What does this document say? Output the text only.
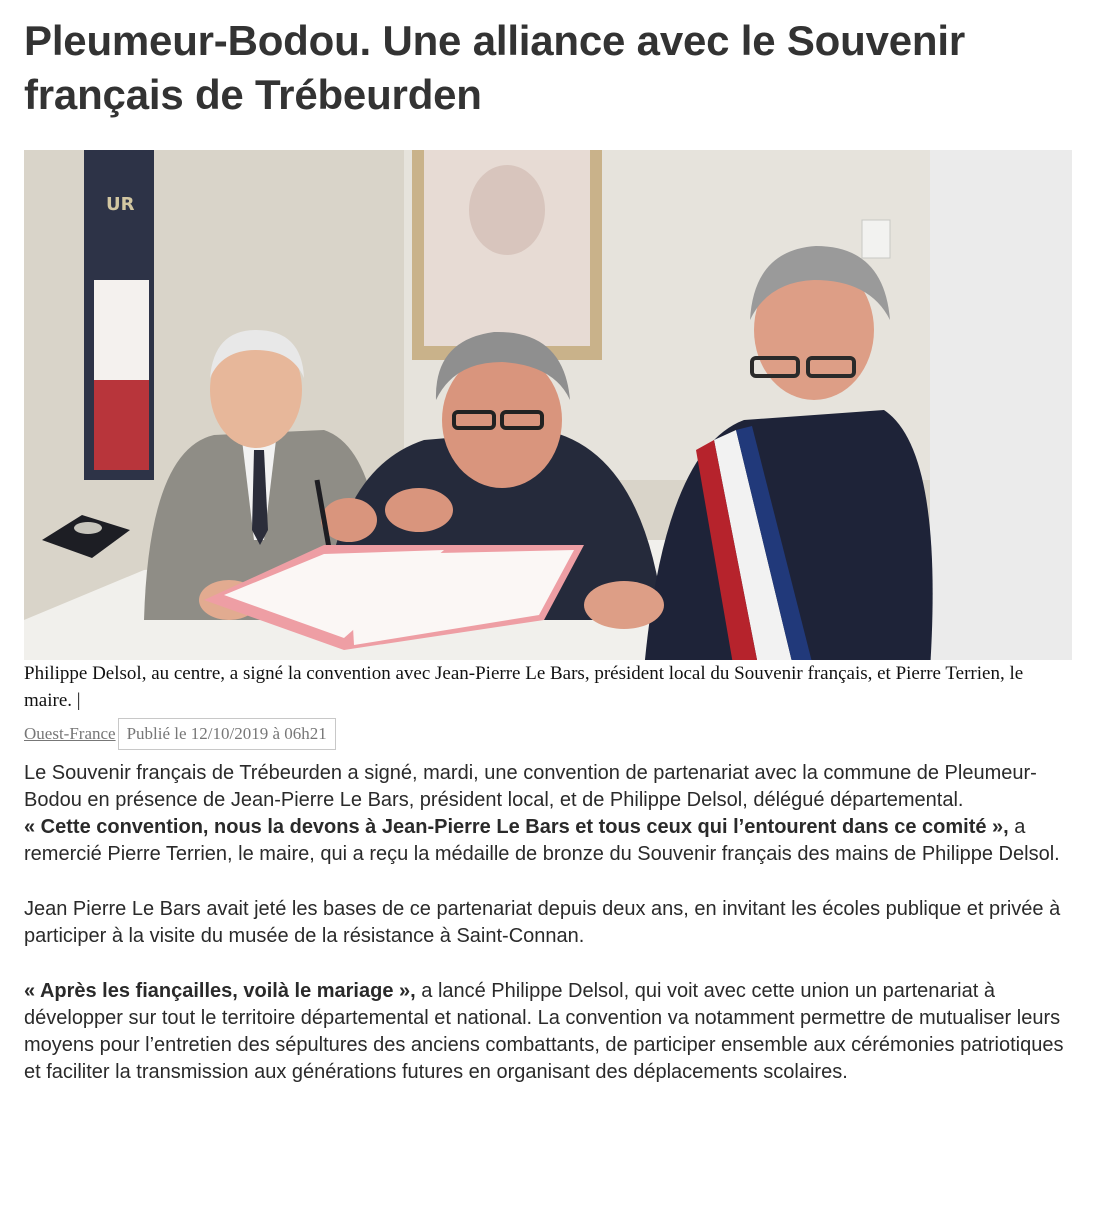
Pleumeur-Bodou. Une alliance avec le Souvenir français de Trébeurden
UR

Philippe Delsol, au centre, a signé la convention avec Jean-Pierre Le Bars, président local du Souvenir français, et Pierre Terrien, le maire. |

Ouest-France Publié le 12/10/2019 à 06h21

Le Souvenir français de Trébeurden a signé, mardi, une convention de partenariat avec la commune de Pleumeur-Bodou en présence de Jean-Pierre Le Bars, président local, et de Philippe Delsol, délégué départemental.

« Cette convention, nous la devons à Jean-Pierre Le Bars et tous ceux qui l’entourent dans ce comité », a remercié Pierre Terrien, le maire, qui a reçu la médaille de bronze du Souvenir français des mains de Philippe Delsol.

Jean Pierre Le Bars avait jeté les bases de ce partenariat depuis deux ans, en invitant les écoles publique et privée à participer à la visite du musée de la résistance à Saint-Connan.

« Après les fiançailles, voilà le mariage », a lancé Philippe Delsol, qui voit avec cette union un partenariat à développer sur tout le territoire départemental et national. La convention va notamment permettre de mutualiser leurs moyens pour l’entretien des sépultures des anciens combattants, de participer ensemble aux cérémonies patriotiques et faciliter la transmission aux générations futures en organisant des déplacements scolaires.
